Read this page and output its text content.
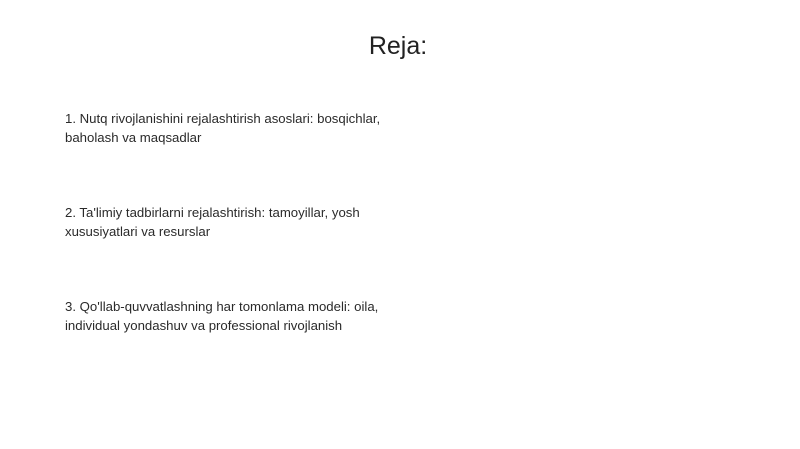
Reja:
1. Nutq rivojlanishini rejalashtirish asoslari: bosqichlar, baholash va maqsadlar
2. Ta'limiy tadbirlarni rejalashtirish: tamoyillar, yosh xususiyatlari va resurslar
3. Qo'llab-quvvatlashning har tomonlama modeli: oila, individual yondashuv va professional rivojlanish
